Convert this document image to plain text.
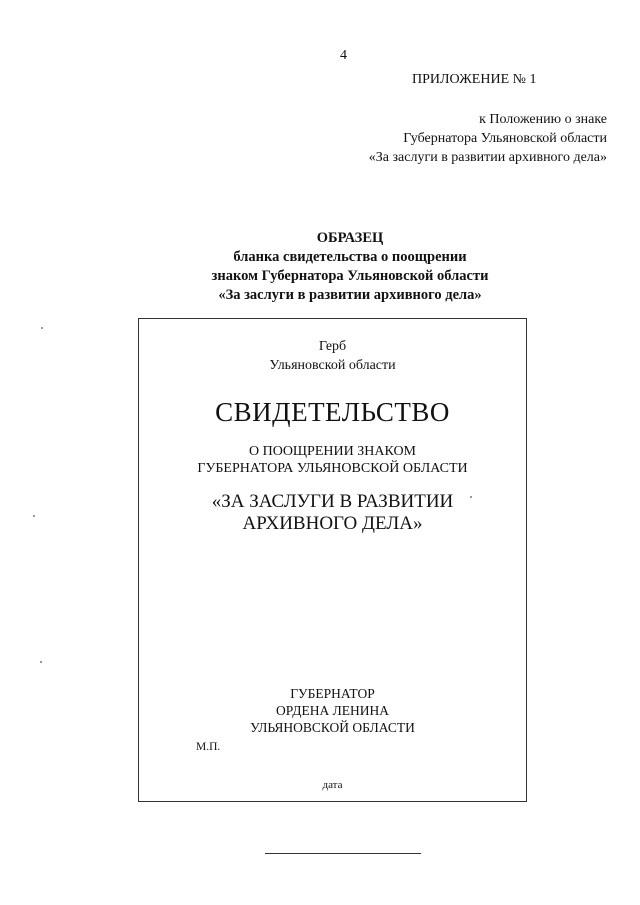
4
ПРИЛОЖЕНИЕ № 1
к Положению о знаке
Губернатора Ульяновской области
«За заслуги в развитии архивного дела»
ОБРАЗЕЦ
бланка свидетельства о поощрении
знаком Губернатора Ульяновской области
«За заслуги в развитии архивного дела»
Герб
Ульяновской области
СВИДЕТЕЛЬСТВО
О ПООЩРЕНИИ ЗНАКОМ
ГУБЕРНАТОРА УЛЬЯНОВСКОЙ ОБЛАСТИ
«ЗА ЗАСЛУГИ В РАЗВИТИИ
АРХИВНОГО ДЕЛА»
ГУБЕРНАТОР
ОРДЕНА ЛЕНИНА
УЛЬЯНОВСКОЙ ОБЛАСТИ
М.П.
дата
